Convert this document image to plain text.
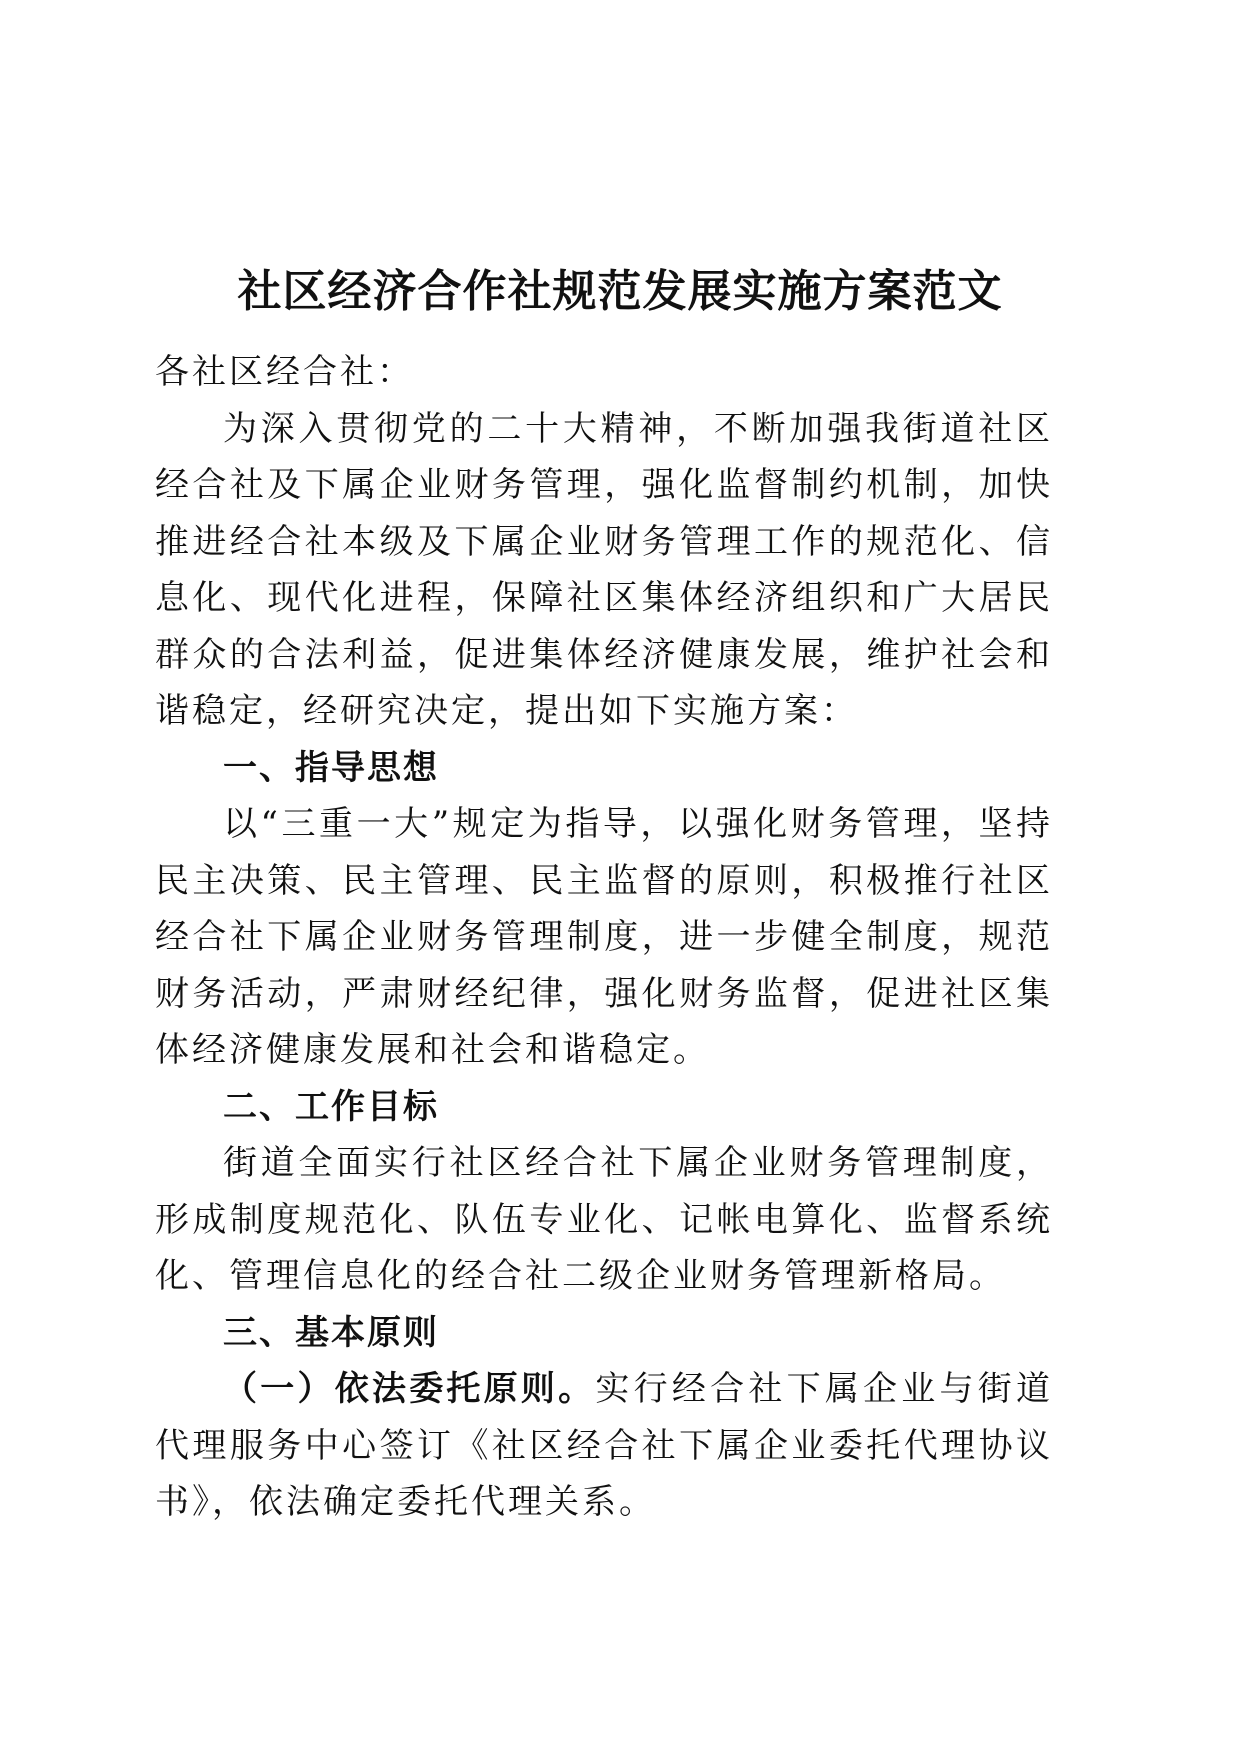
社区经济合作社规范发展实施方案范文

各社区经合社：

为深入贯彻党的二十大精神，不断加强我街道社区经合社及下属企业财务管理，强化监督制约机制，加快推进经合社本级及下属企业财务管理工作的规范化、信息化、现代化进程，保障社区集体经济组织和广大居民群众的合法利益，促进集体经济健康发展，维护社会和谐稳定，经研究决定，提出如下实施方案：

一、指导思想

以“三重一大”规定为指导，以强化财务管理，坚持民主决策、民主管理、民主监督的原则，积极推行社区经合社下属企业财务管理制度，进一步健全制度，规范财务活动，严肃财经纪律，强化财务监督，促进社区集体经济健康发展和社会和谐稳定。

二、工作目标

街道全面实行社区经合社下属企业财务管理制度，形成制度规范化、队伍专业化、记帐电算化、监督系统化、管理信息化的经合社二级企业财务管理新格局。

三、基本原则

（一）依法委托原则。实行经合社下属企业与街道代理服务中心签订《社区经合社下属企业委托代理协议书》，依法确定委托代理关系。
